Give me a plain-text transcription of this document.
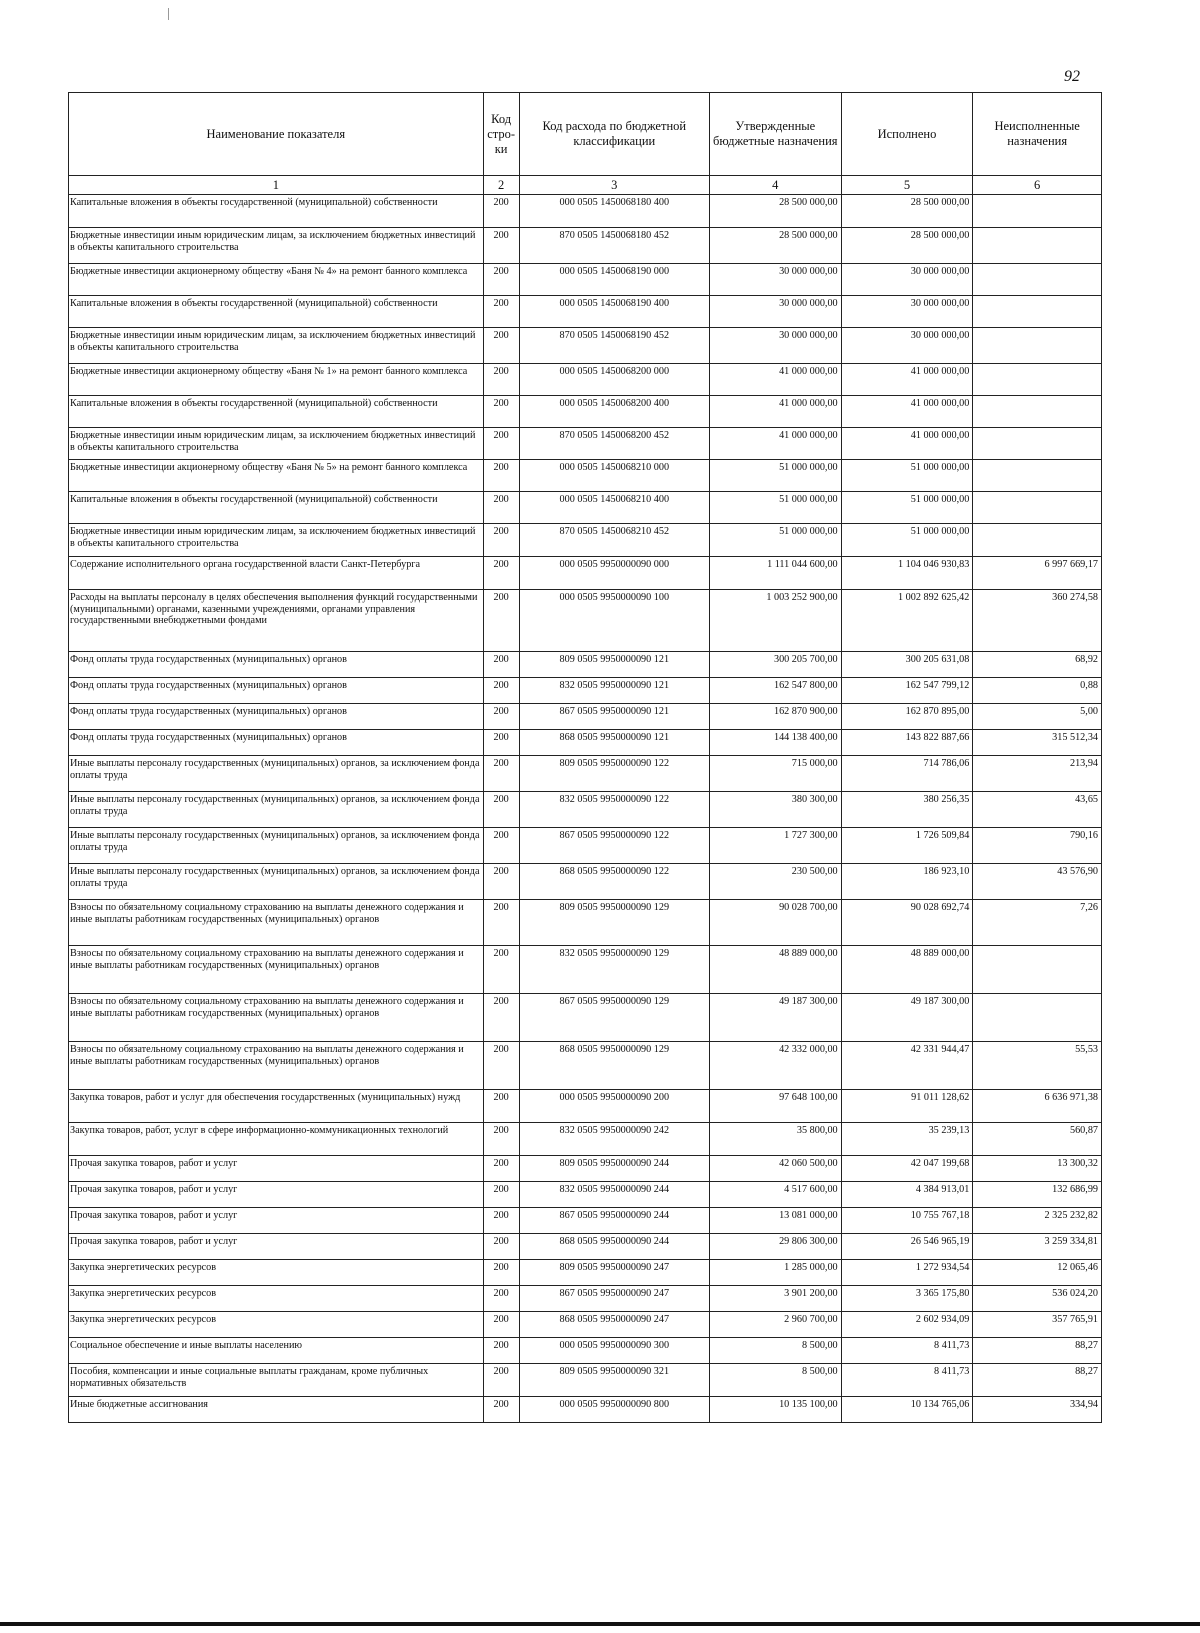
92
Наименование показателя	Код стро-ки	Код расхода по бюджетной классификации	Утвержденные бюджетные назначения	Исполнено	Неисполненные назначения
1	2	3	4	5	6
Капитальные вложения в объекты государственной (муниципальной) собственности	200	000 0505 1450068180 400	28 500 000,00	28 500 000,00	
Бюджетные инвестиции иным юридическим лицам, за исключением бюджетных инвестиций в объекты капитального строительства	200	870 0505 1450068180 452	28 500 000,00	28 500 000,00	
Бюджетные инвестиции акционерному обществу «Баня № 4» на ремонт банного комплекса	200	000 0505 1450068190 000	30 000 000,00	30 000 000,00	
Капитальные вложения в объекты государственной (муниципальной) собственности	200	000 0505 1450068190 400	30 000 000,00	30 000 000,00	
Бюджетные инвестиции иным юридическим лицам, за исключением бюджетных инвестиций в объекты капитального строительства	200	870 0505 1450068190 452	30 000 000,00	30 000 000,00	
Бюджетные инвестиции акционерному обществу «Баня № 1» на ремонт банного комплекса	200	000 0505 1450068200 000	41 000 000,00	41 000 000,00	
Капитальные вложения в объекты государственной (муниципальной) собственности	200	000 0505 1450068200 400	41 000 000,00	41 000 000,00	
Бюджетные инвестиции иным юридическим лицам, за исключением бюджетных инвестиций в объекты капитального строительства	200	870 0505 1450068200 452	41 000 000,00	41 000 000,00	
Бюджетные инвестиции акционерному обществу «Баня № 5» на ремонт банного комплекса	200	000 0505 1450068210 000	51 000 000,00	51 000 000,00	
Капитальные вложения в объекты государственной (муниципальной) собственности	200	000 0505 1450068210 400	51 000 000,00	51 000 000,00	
Бюджетные инвестиции иным юридическим лицам, за исключением бюджетных инвестиций в объекты капитального строительства	200	870 0505 1450068210 452	51 000 000,00	51 000 000,00	
Содержание исполнительного органа государственной власти Санкт-Петербурга	200	000 0505 9950000090 000	1 111 044 600,00	1 104 046 930,83	6 997 669,17
Расходы на выплаты персоналу в целях обеспечения выполнения функций государственными (муниципальными) органами, казенными учреждениями, органами управления государственными внебюджетными фондами	200	000 0505 9950000090 100	1 003 252 900,00	1 002 892 625,42	360 274,58
Фонд оплаты труда государственных (муниципальных) органов	200	809 0505 9950000090 121	300 205 700,00	300 205 631,08	68,92
Фонд оплаты труда государственных (муниципальных) органов	200	832 0505 9950000090 121	162 547 800,00	162 547 799,12	0,88
Фонд оплаты труда государственных (муниципальных) органов	200	867 0505 9950000090 121	162 870 900,00	162 870 895,00	5,00
Фонд оплаты труда государственных (муниципальных) органов	200	868 0505 9950000090 121	144 138 400,00	143 822 887,66	315 512,34
Иные выплаты персоналу государственных (муниципальных) органов, за исключением фонда оплаты труда	200	809 0505 9950000090 122	715 000,00	714 786,06	213,94
Иные выплаты персоналу государственных (муниципальных) органов, за исключением фонда оплаты труда	200	832 0505 9950000090 122	380 300,00	380 256,35	43,65
Иные выплаты персоналу государственных (муниципальных) органов, за исключением фонда оплаты труда	200	867 0505 9950000090 122	1 727 300,00	1 726 509,84	790,16
Иные выплаты персоналу государственных (муниципальных) органов, за исключением фонда оплаты труда	200	868 0505 9950000090 122	230 500,00	186 923,10	43 576,90
Взносы по обязательному социальному страхованию на выплаты денежного содержания и иные выплаты работникам государственных (муниципальных) органов	200	809 0505 9950000090 129	90 028 700,00	90 028 692,74	7,26
Взносы по обязательному социальному страхованию на выплаты денежного содержания и иные выплаты работникам государственных (муниципальных) органов	200	832 0505 9950000090 129	48 889 000,00	48 889 000,00	
Взносы по обязательному социальному страхованию на выплаты денежного содержания и иные выплаты работникам государственных (муниципальных) органов	200	867 0505 9950000090 129	49 187 300,00	49 187 300,00	
Взносы по обязательному социальному страхованию на выплаты денежного содержания и иные выплаты работникам государственных (муниципальных) органов	200	868 0505 9950000090 129	42 332 000,00	42 331 944,47	55,53
Закупка товаров, работ и услуг для обеспечения государственных (муниципальных) нужд	200	000 0505 9950000090 200	97 648 100,00	91 011 128,62	6 636 971,38
Закупка товаров, работ, услуг в сфере информационно-коммуникационных технологий	200	832 0505 9950000090 242	35 800,00	35 239,13	560,87
Прочая закупка товаров, работ и услуг	200	809 0505 9950000090 244	42 060 500,00	42 047 199,68	13 300,32
Прочая закупка товаров, работ и услуг	200	832 0505 9950000090 244	4 517 600,00	4 384 913,01	132 686,99
Прочая закупка товаров, работ и услуг	200	867 0505 9950000090 244	13 081 000,00	10 755 767,18	2 325 232,82
Прочая закупка товаров, работ и услуг	200	868 0505 9950000090 244	29 806 300,00	26 546 965,19	3 259 334,81
Закупка энергетических ресурсов	200	809 0505 9950000090 247	1 285 000,00	1 272 934,54	12 065,46
Закупка энергетических ресурсов	200	867 0505 9950000090 247	3 901 200,00	3 365 175,80	536 024,20
Закупка энергетических ресурсов	200	868 0505 9950000090 247	2 960 700,00	2 602 934,09	357 765,91
Социальное обеспечение и иные выплаты населению	200	000 0505 9950000090 300	8 500,00	8 411,73	88,27
Пособия, компенсации и иные социальные выплаты гражданам, кроме публичных нормативных обязательств	200	809 0505 9950000090 321	8 500,00	8 411,73	88,27
Иные бюджетные ассигнования	200	000 0505 9950000090 800	10 135 100,00	10 134 765,06	334,94
